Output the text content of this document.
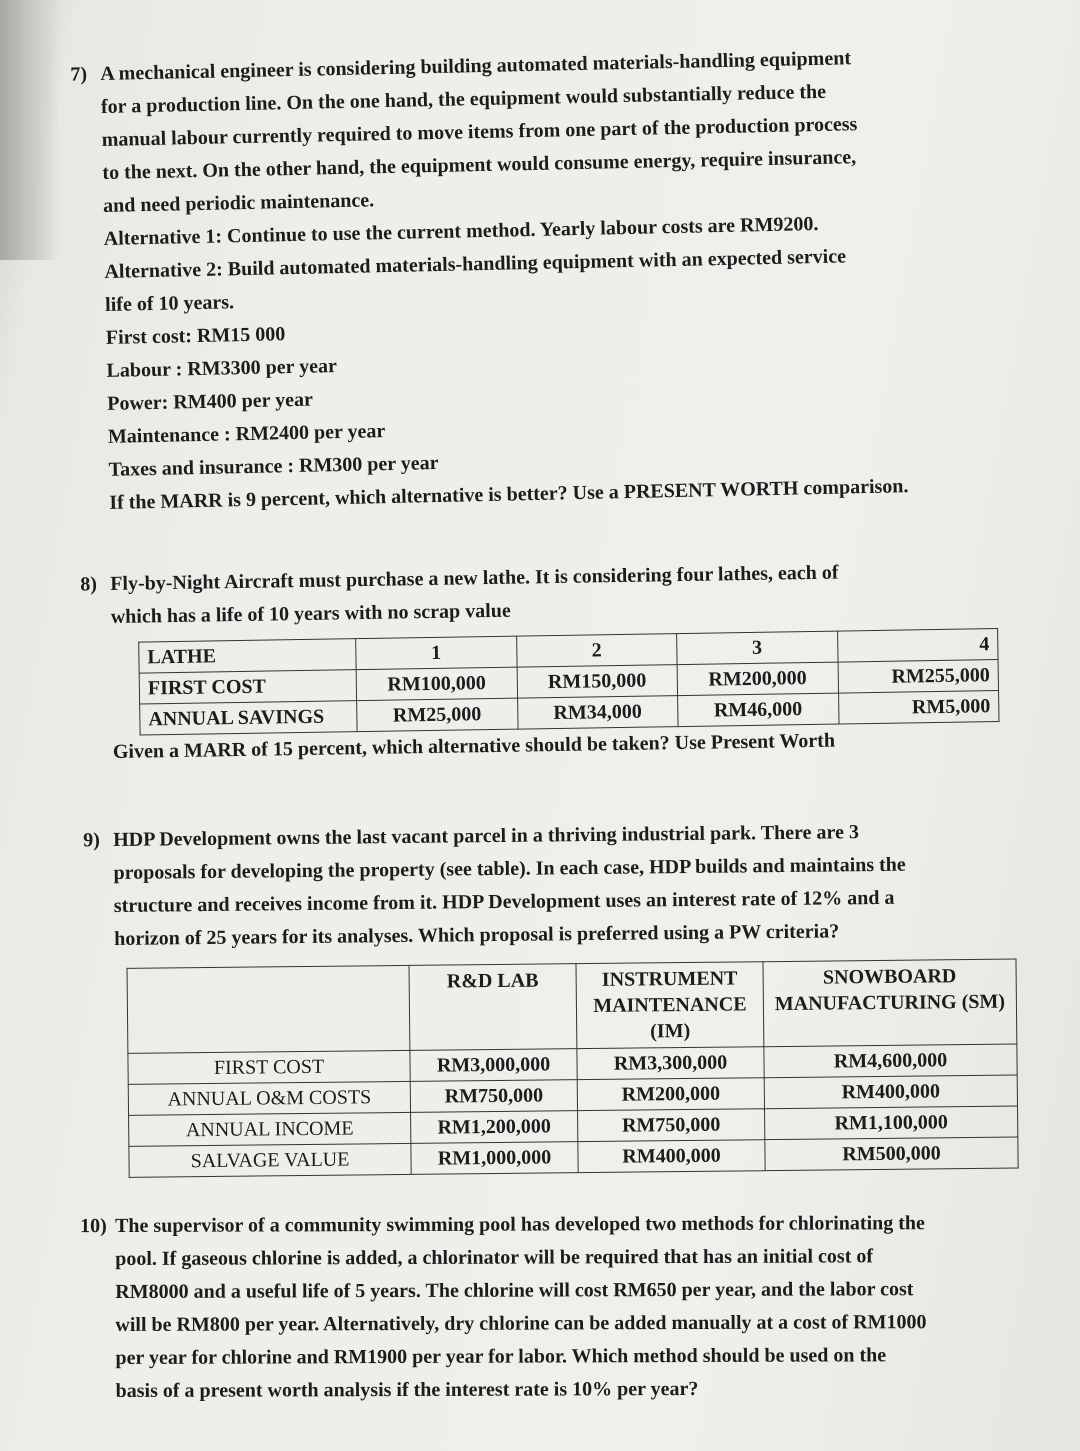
7) A mechanical engineer is considering building automated materials-handling equipment

for a production line. On the one hand, the equipment would substantially reduce the

manual labour currently required to move items from one part of the production process

to the next. On the other hand, the equipment would consume energy, require insurance,

and need periodic maintenance.

Alternative 1: Continue to use the current method. Yearly labour costs are RM9200.

Alternative 2: Build automated materials-handling equipment with an expected service

life of 10 years.

First cost: RM15 000

Labour : RM3300 per year

Power: RM400 per year

Maintenance : RM2400 per year

Taxes and insurance : RM300 per year

If the MARR is 9 percent, which alternative is better? Use a PRESENT WORTH comparison.

8) Fly-by-Night Aircraft must purchase a new lathe. It is considering four lathes, each of

which has a life of 10 years with no scrap value

LATHE	1	2	3	4
FIRST COST	RM100,000	RM150,000	RM200,000	RM255,000
ANNUAL SAVINGS	RM25,000	RM34,000	RM46,000	RM5,000

Given a MARR of 15 percent, which alternative should be taken? Use Present Worth

9) HDP Development owns the last vacant parcel in a thriving industrial park. There are 3

proposals for developing the property (see table). In each case, HDP builds and maintains the

structure and receives income from it. HDP Development uses an interest rate of 12% and a

horizon of 25 years for its analyses. Which proposal is preferred using a PW criteria?

	R&D LAB	INSTRUMENT MAINTENANCE (IM)	SNOWBOARD MANUFACTURING (SM)
FIRST COST	RM3,000,000	RM3,300,000	RM4,600,000
ANNUAL O&M COSTS	RM750,000	RM200,000	RM400,000
ANNUAL INCOME	RM1,200,000	RM750,000	RM1,100,000
SALVAGE VALUE	RM1,000,000	RM400,000	RM500,000
10) The supervisor of a community swimming pool has developed two methods for chlorinating the

pool. If gaseous chlorine is added, a chlorinator will be required that has an initial cost of

RM8000 and a useful life of 5 years. The chlorine will cost RM650 per year, and the labor cost

will be RM800 per year. Alternatively, dry chlorine can be added manually at a cost of RM1000

per year for chlorine and RM1900 per year for labor. Which method should be used on the

basis of a present worth analysis if the interest rate is 10% per year?
